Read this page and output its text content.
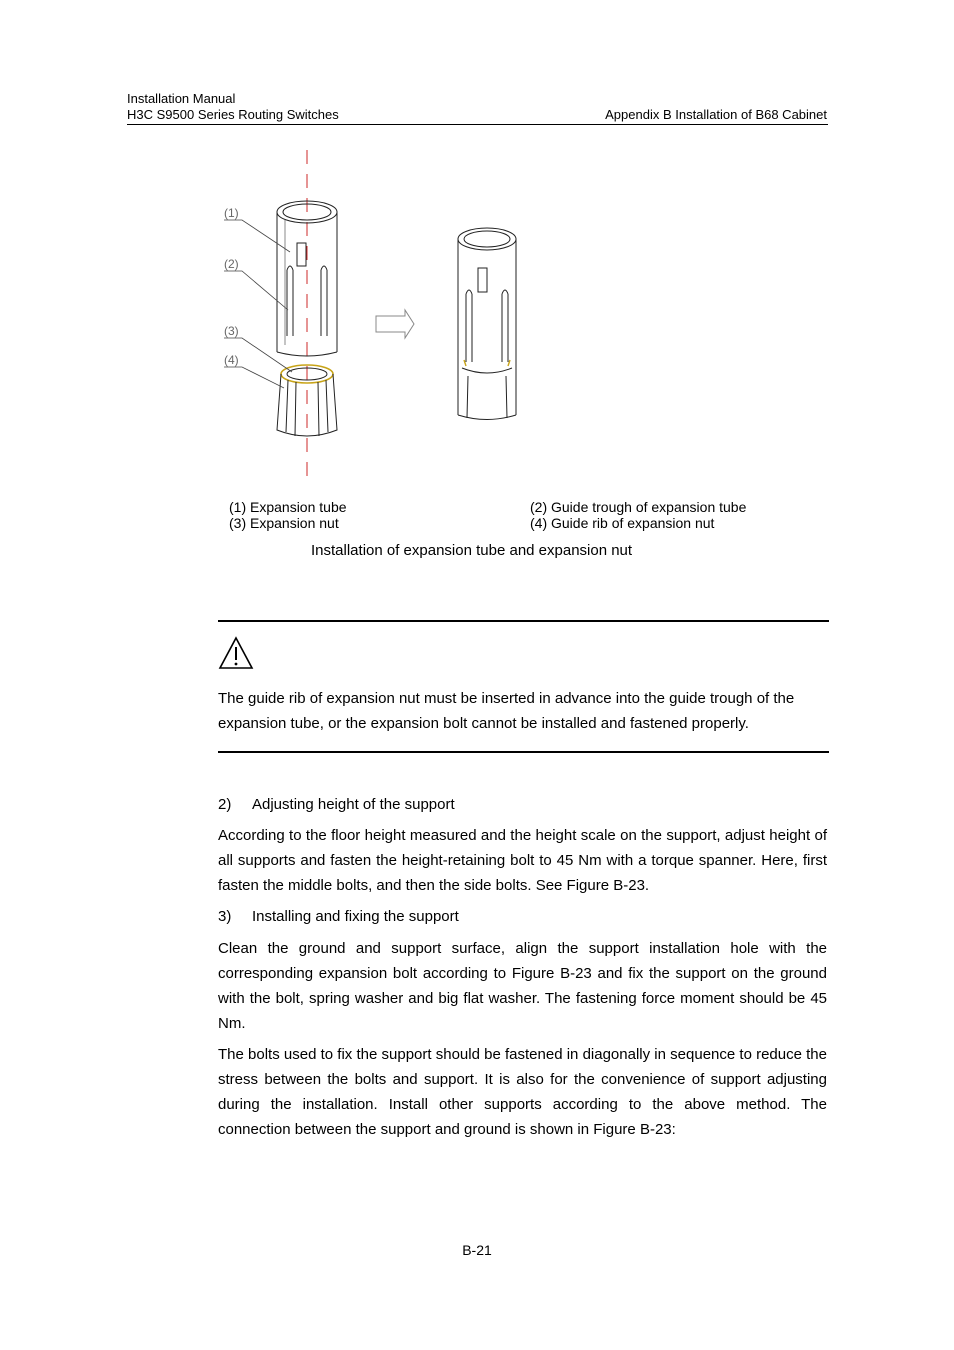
Installation Manual
H3C S9500 Series Routing Switches	Appendix B Installation of B68 Cabinet
(1)
(2)
(3)
(4)
(1) Expansion tube	(2) Guide trough of expansion tube
(3) Expansion nut	(4) Guide rib of expansion nut
Installation of expansion tube and expansion nut
The guide rib of expansion nut must be inserted in advance into the guide trough of the expansion tube, or the expansion bolt cannot be installed and fastened properly.
2) Adjusting height of the support
According to the floor height measured and the height scale on the support, adjust height of all supports and fasten the height-retaining bolt to 45 Nm with a torque spanner. Here, first fasten the middle bolts, and then the side bolts. See Figure B-23.
3) Installing and fixing the support
Clean the ground and support surface, align the support installation hole with the corresponding expansion bolt according to Figure B-23 and fix the support on the ground with the bolt, spring washer and big flat washer. The fastening force moment should be 45 Nm.
The bolts used to fix the support should be fastened in diagonally in sequence to reduce the stress between the bolts and support. It is also for the convenience of support adjusting during the installation. Install other supports according to the above method. The connection between the support and ground is shown in Figure B-23:
B-21
